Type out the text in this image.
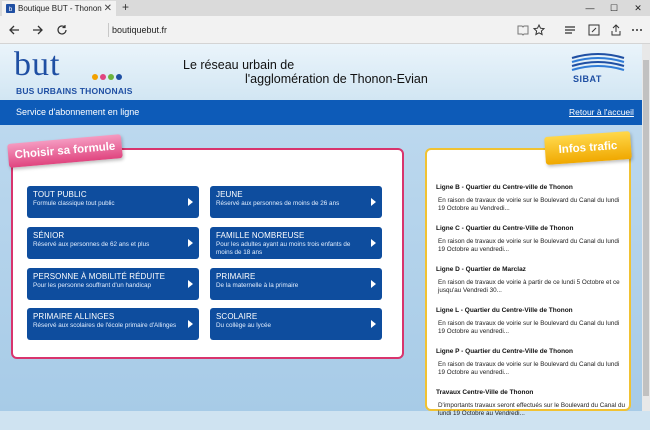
b Boutique BUT - Thonon ✕ +	—	☐	✕
boutiquebut.fr
but
BUS URBAINS THONONAIS
Le réseau urbain de
l'agglomération de Thonon-Evian	SIBAT
Service d'abonnement en ligne	Retour à l'accueil
TOUT PUBLIC
Formule classique tout public
JEUNE
Réservé aux personnes de moins de 26 ans
SÉNIOR
Réservé aux personnes de 62 ans et plus
FAMILLE NOMBREUSE
Pour les adultes ayant au moins trois enfants de moins de 18 ans
PERSONNE À MOBILITÉ RÉDUITE
Pour les personne souffrant d'un handicap
PRIMAIRE
De la maternelle à la primaire
PRIMAIRE ALLINGES
Réservé aux scolaires de l'école primaire d'Allinges
SCOLAIRE
Du collège au lycée
Choisir sa formule	Infos trafic
Ligne B - Quartier du Centre-ville de Thonon
En raison de travaux de voirie sur le Boulevard du Canal du lundi 19 Octobre au Vendredi...
Ligne C - Quartier du Centre-Ville de Thonon
En raison de travaux de voirie sur le Boulevard du Canal du lundi 19 Octobre au vendredi...
Ligne D - Quartier de Marclaz
En raison de travaux de voirie à partir de ce lundi 5 Octobre et ce jusqu'au Vendredi 30...
Ligne L - Quartier du Centre-Ville de Thonon
En raison de travaux de voirie sur le Boulevard du Canal du lundi 19 Octobre au vendredi...
Ligne P - Quartier du Centre-Ville de Thonon
En raison de travaux de voirie sur le Boulevard du Canal du lundi 19 Octobre au vendredi...
Travaux Centre-Ville de Thonon
D'importants travaux seront effectués sur le Boulevard du Canal du lundi 19 Octobre au Vendredi...
